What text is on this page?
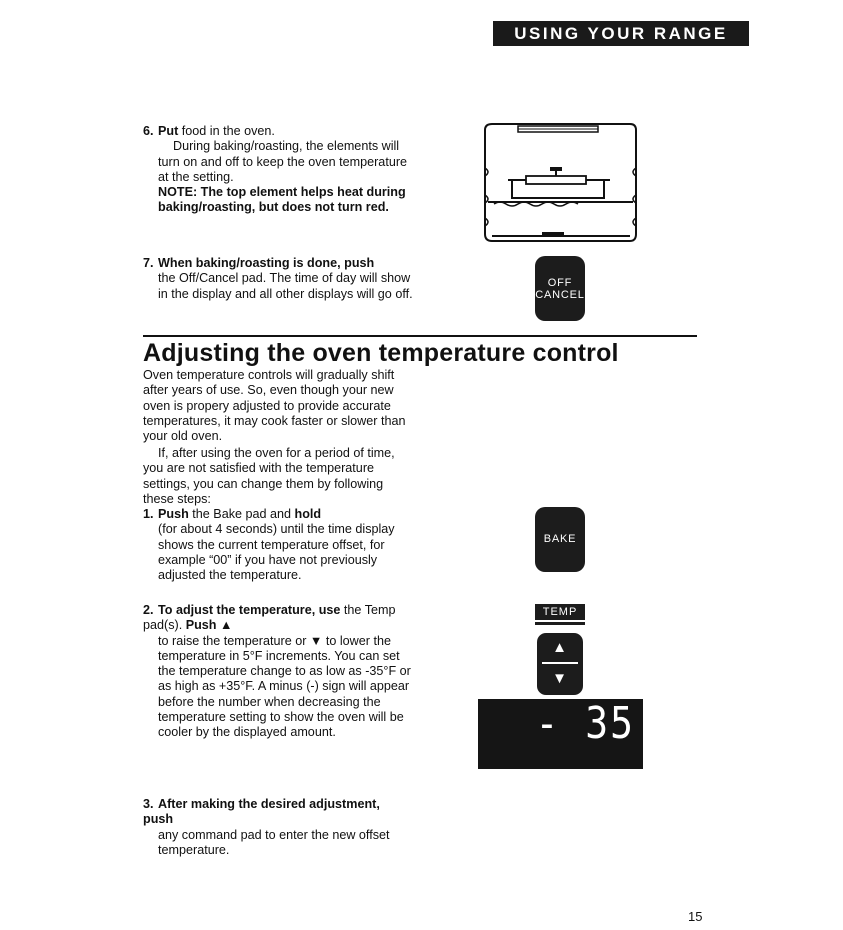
USING YOUR RANGE
6. Put food in the oven.
During baking/roasting, the elements will turn on and off to keep the oven temperature at the setting.
NOTE: The top element helps heat during baking/roasting, but does not turn red.
7. When baking/roasting is done, push
the Off/Cancel pad. The time of day will show in the display and all other displays will go off.
OFF
CANCEL
Adjusting the oven temperature control
Oven temperature controls will gradually shift after years of use. So, even though your new oven is propery adjusted to provide accurate temperatures, it may cook faster or slower than your old oven.
If, after using the oven for a period of time, you are not satisfied with the temperature settings, you can change them by following these steps:
1. Push the Bake pad and hold
(for about 4 seconds) until the time display shows the current temperature offset, for example “00” if you have not previously adjusted the temperature.
BAKE
2. To adjust the temperature, use the Temp pad(s). Push ▲
to raise the temperature or ▼ to lower the temperature in 5°F increments. You can set the temperature change to as low as -35°F or as high as +35°F. A minus (-) sign will appear before the number when decreasing the temperature setting to show the oven will be cooler by the displayed amount.
TEMP
▲
▼
- 35
3. After making the desired adjustment, push
any command pad to enter the new offset temperature.
15
